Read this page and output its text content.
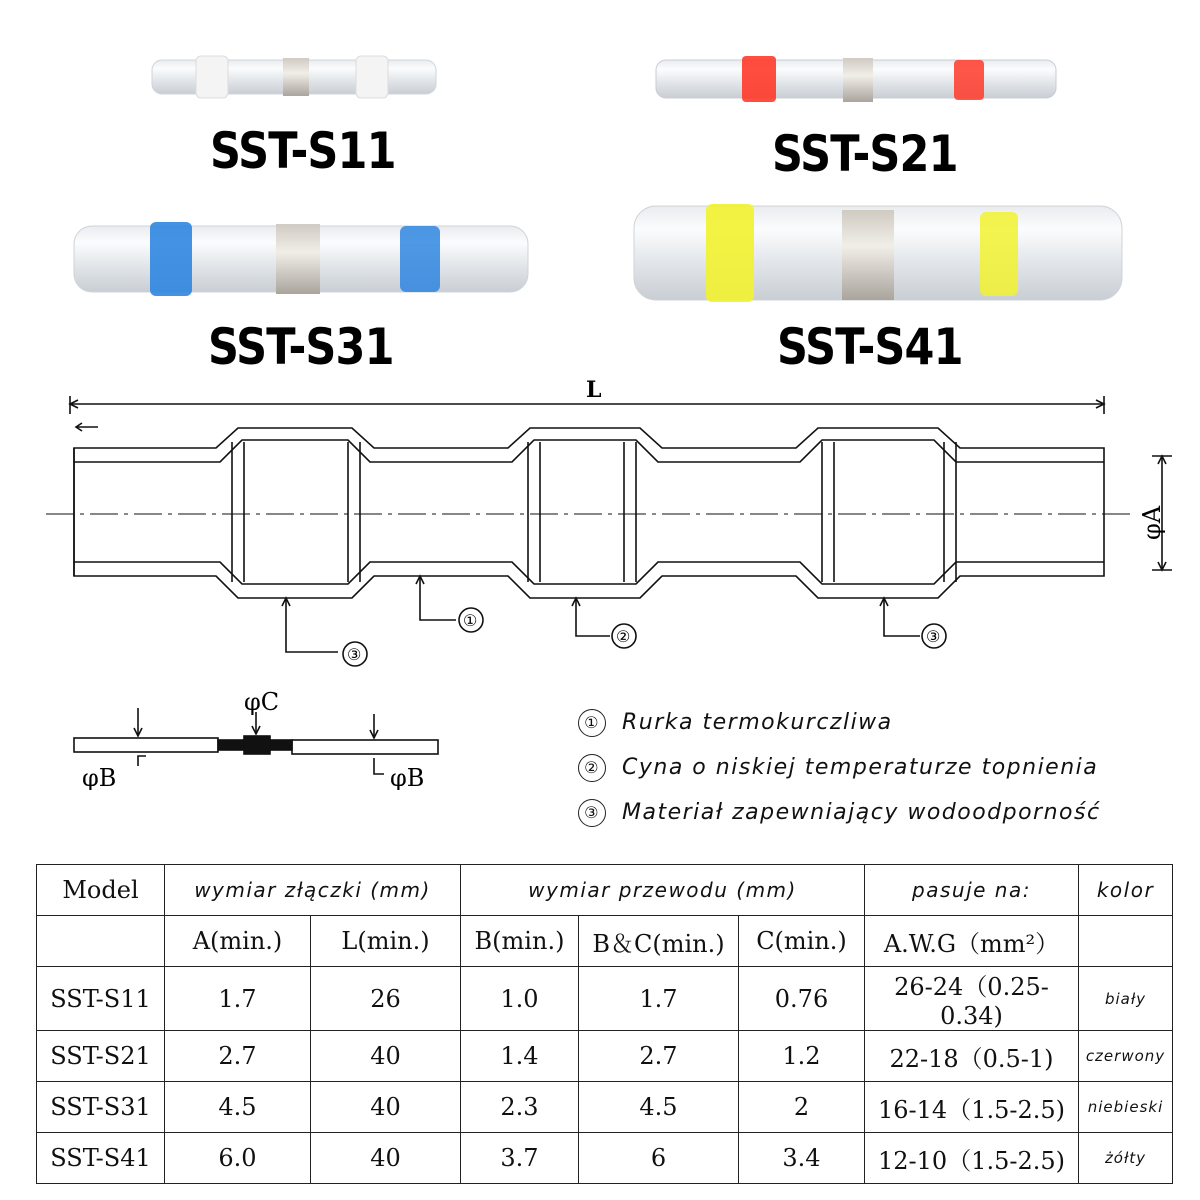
SST-S11	SST-S21
SST-S31	SST-S41
L
φA
③
①
②	③
φC
φB	φB
① Rurka termokurczliwa
② Cyna o niskiej temperaturze topnienia
③ Materiał zapewniający wodoodporność
Model	wymiar złączki (mm)		wymiar przewodu (mm)			pasuje na:	kolor
	A(min.)	L(min.)	B(min.)	B＆C(min.)	C(min.)	A.W.G（mm²）	
SST-S11	1.7	26	1.0	1.7	0.76	26-24（0.25-0.34)	biały
SST-S21	2.7	40	1.4	2.7	1.2	22-18（0.5-1)	czerwony
SST-S31	4.5	40	2.3	4.5	2	16-14（1.5-2.5)	niebieski
SST-S41	6.0	40	3.7	6	3.4	12-10（1.5-2.5)	żółty
